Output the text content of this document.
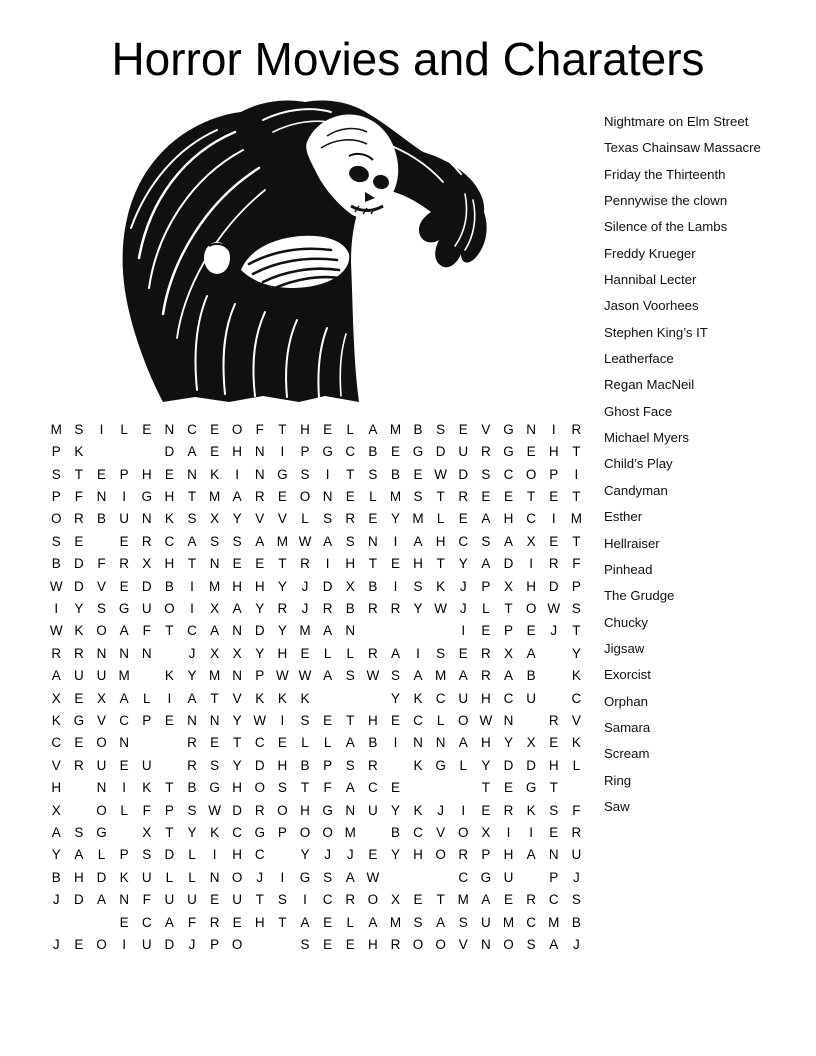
Horror Movies and Charaters
Nightmare on Elm Street
Texas Chainsaw Massacre
Friday the Thirteenth
Pennywise the clown
Silence of the Lambs
Freddy Krueger
Hannibal Lecter
Jason Voorhees
Stephen King’s IT
Leatherface
Regan MacNeil
Ghost Face
Michael Myers
Child’s Play
Candyman
Esther
Hellraiser
Pinhead
The Grudge
Chucky
Jigsaw
Exorcist
Orphan
Samara
Scream
Ring
Saw
M S	I	L	E N C E O F	T	H E	L	A M B	S	E	V G N	I	R
P	K	D A	E H N	I	P G C B	E G D U R G E H	T
S	T	E	P H E N K	I	N G S	I	T	S	B	E W D S C O P	I
P	F	N	I	G H	T M A R E O N E	L M S	T	R E	E	T	E	T
O R B U N K	S	X	Y	V	V	L	S R E	Y M L	E	A H C	I	M
S	E	E R C A	S	S	A M W A	S N	I	A H C S	A	X	E	T
B D	F	R X H	T	N E	E	T	R	I	H	T	E H	T	Y	A D	I	R	F
W D V	E D B	I	M H H Y	J	D X	B	I	S	K	J	P	X H D P
I	Y	S G U O	I	X	A	Y R	J	R B R R Y W J	L	T O W S
W K O A	F	T	C A N D Y M A N	I	E	P	E	J	T
R R N N N	J	X	X	Y H E	L	L	R A	I	S	E R X	A	Y
A U U M	K	Y M N P W W A	S W S	A M A R A	B	K
X	E	X	A	L	I	A	T	V	K	K	K	Y	K C U H C U	C
K G V C P	E N N Y W	I	S	E	T	H E C	L	O W N	R V
C E O N	R E	T	C E	L	L	A	B	I	N N A H Y	X	E	K
V R U E U	R S	Y D H B	P	S R	K G	L	Y D D H	L
H	N	I	K	T	B G H O S	T	F	A C E	T	E G T
X	O	L	F	P	S W D R O H G N U Y	K	J	I	E R K	S	F
A	S G	X	T	Y	K C G P O O M	B C V O X	I	I	E R
Y	A	L	P	S D	L	I	H C	Y	J	J	E	Y H O R P H A N U
B H D K U	L	L	N O	J	I	G S	A W	C G U	P	J
J	D A N	F	U U E U	T	S	I	C R O X	E	T M A	E R C S
E C A	F	R E H	T	A	E	L	A M S	A	S U M C M B
J	E O	I	U D	J	P O	S	E	E H R O O V N O S	A	J
